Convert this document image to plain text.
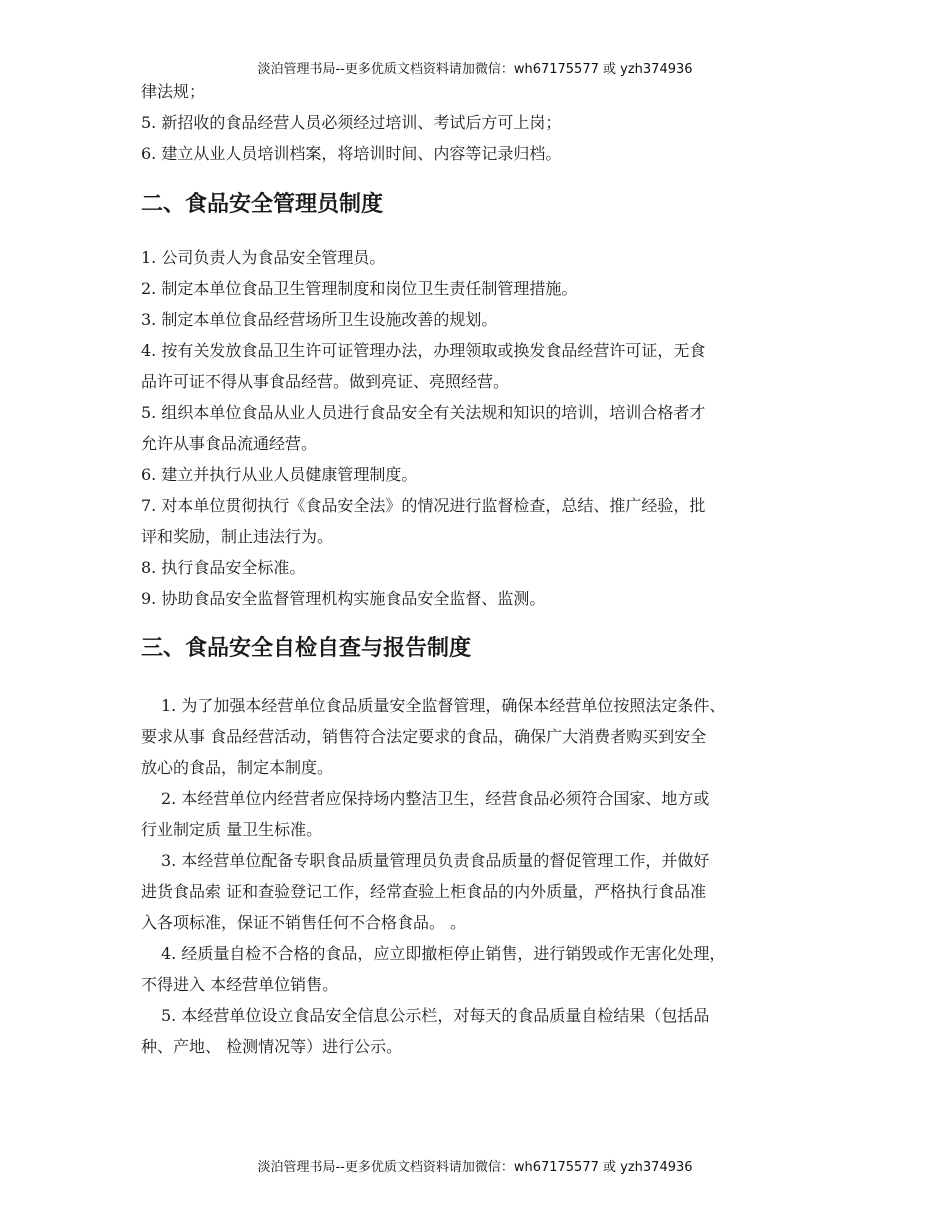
淡泊管理书局--更多优质文档资料请加微信：wh67175577 或 yzh374936
律法规；
5. 新招收的食品经营人员必须经过培训、考试后方可上岗；
6. 建立从业人员培训档案，将培训时间、内容等记录归档。
二、食品安全管理员制度
1. 公司负责人为食品安全管理员。
2. 制定本单位食品卫生管理制度和岗位卫生责任制管理措施。
3. 制定本单位食品经营场所卫生设施改善的规划。
4. 按有关发放食品卫生许可证管理办法，办理领取或换发食品经营许可证，无食
品许可证不得从事食品经营。做到亮证、亮照经营。
5. 组织本单位食品从业人员进行食品安全有关法规和知识的培训，培训合格者才
允许从事食品流通经营。
6. 建立并执行从业人员健康管理制度。
7. 对本单位贯彻执行《食品安全法》的情况进行监督检查，总结、推广经验，批
评和奖励，制止违法行为。
8. 执行食品安全标准。
9. 协助食品安全监督管理机构实施食品安全监督、监测。
三、食品安全自检自查与报告制度
1. 为了加强本经营单位食品质量安全监督管理，确保本经营单位按照法定条件、
要求从事 食品经营活动，销售符合法定要求的食品，确保广大消费者购买到安全
放心的食品，制定本制度。
2. 本经营单位内经营者应保持场内整洁卫生，经营食品必须符合国家、地方或
行业制定质 量卫生标准。
3. 本经营单位配备专职食品质量管理员负责食品质量的督促管理工作，并做好
进货食品索 证和查验登记工作，经常查验上柜食品的内外质量，严格执行食品准
入各项标准，保证不销售任何不合格食品。 。
4. 经质量自检不合格的食品，应立即撤柜停止销售，进行销毁或作无害化处理，
不得进入 本经营单位销售。
5. 本经营单位设立食品安全信息公示栏，对每天的食品质量自检结果（包括品
种、产地、 检测情况等）进行公示。
淡泊管理书局--更多优质文档资料请加微信：wh67175577 或 yzh374936
